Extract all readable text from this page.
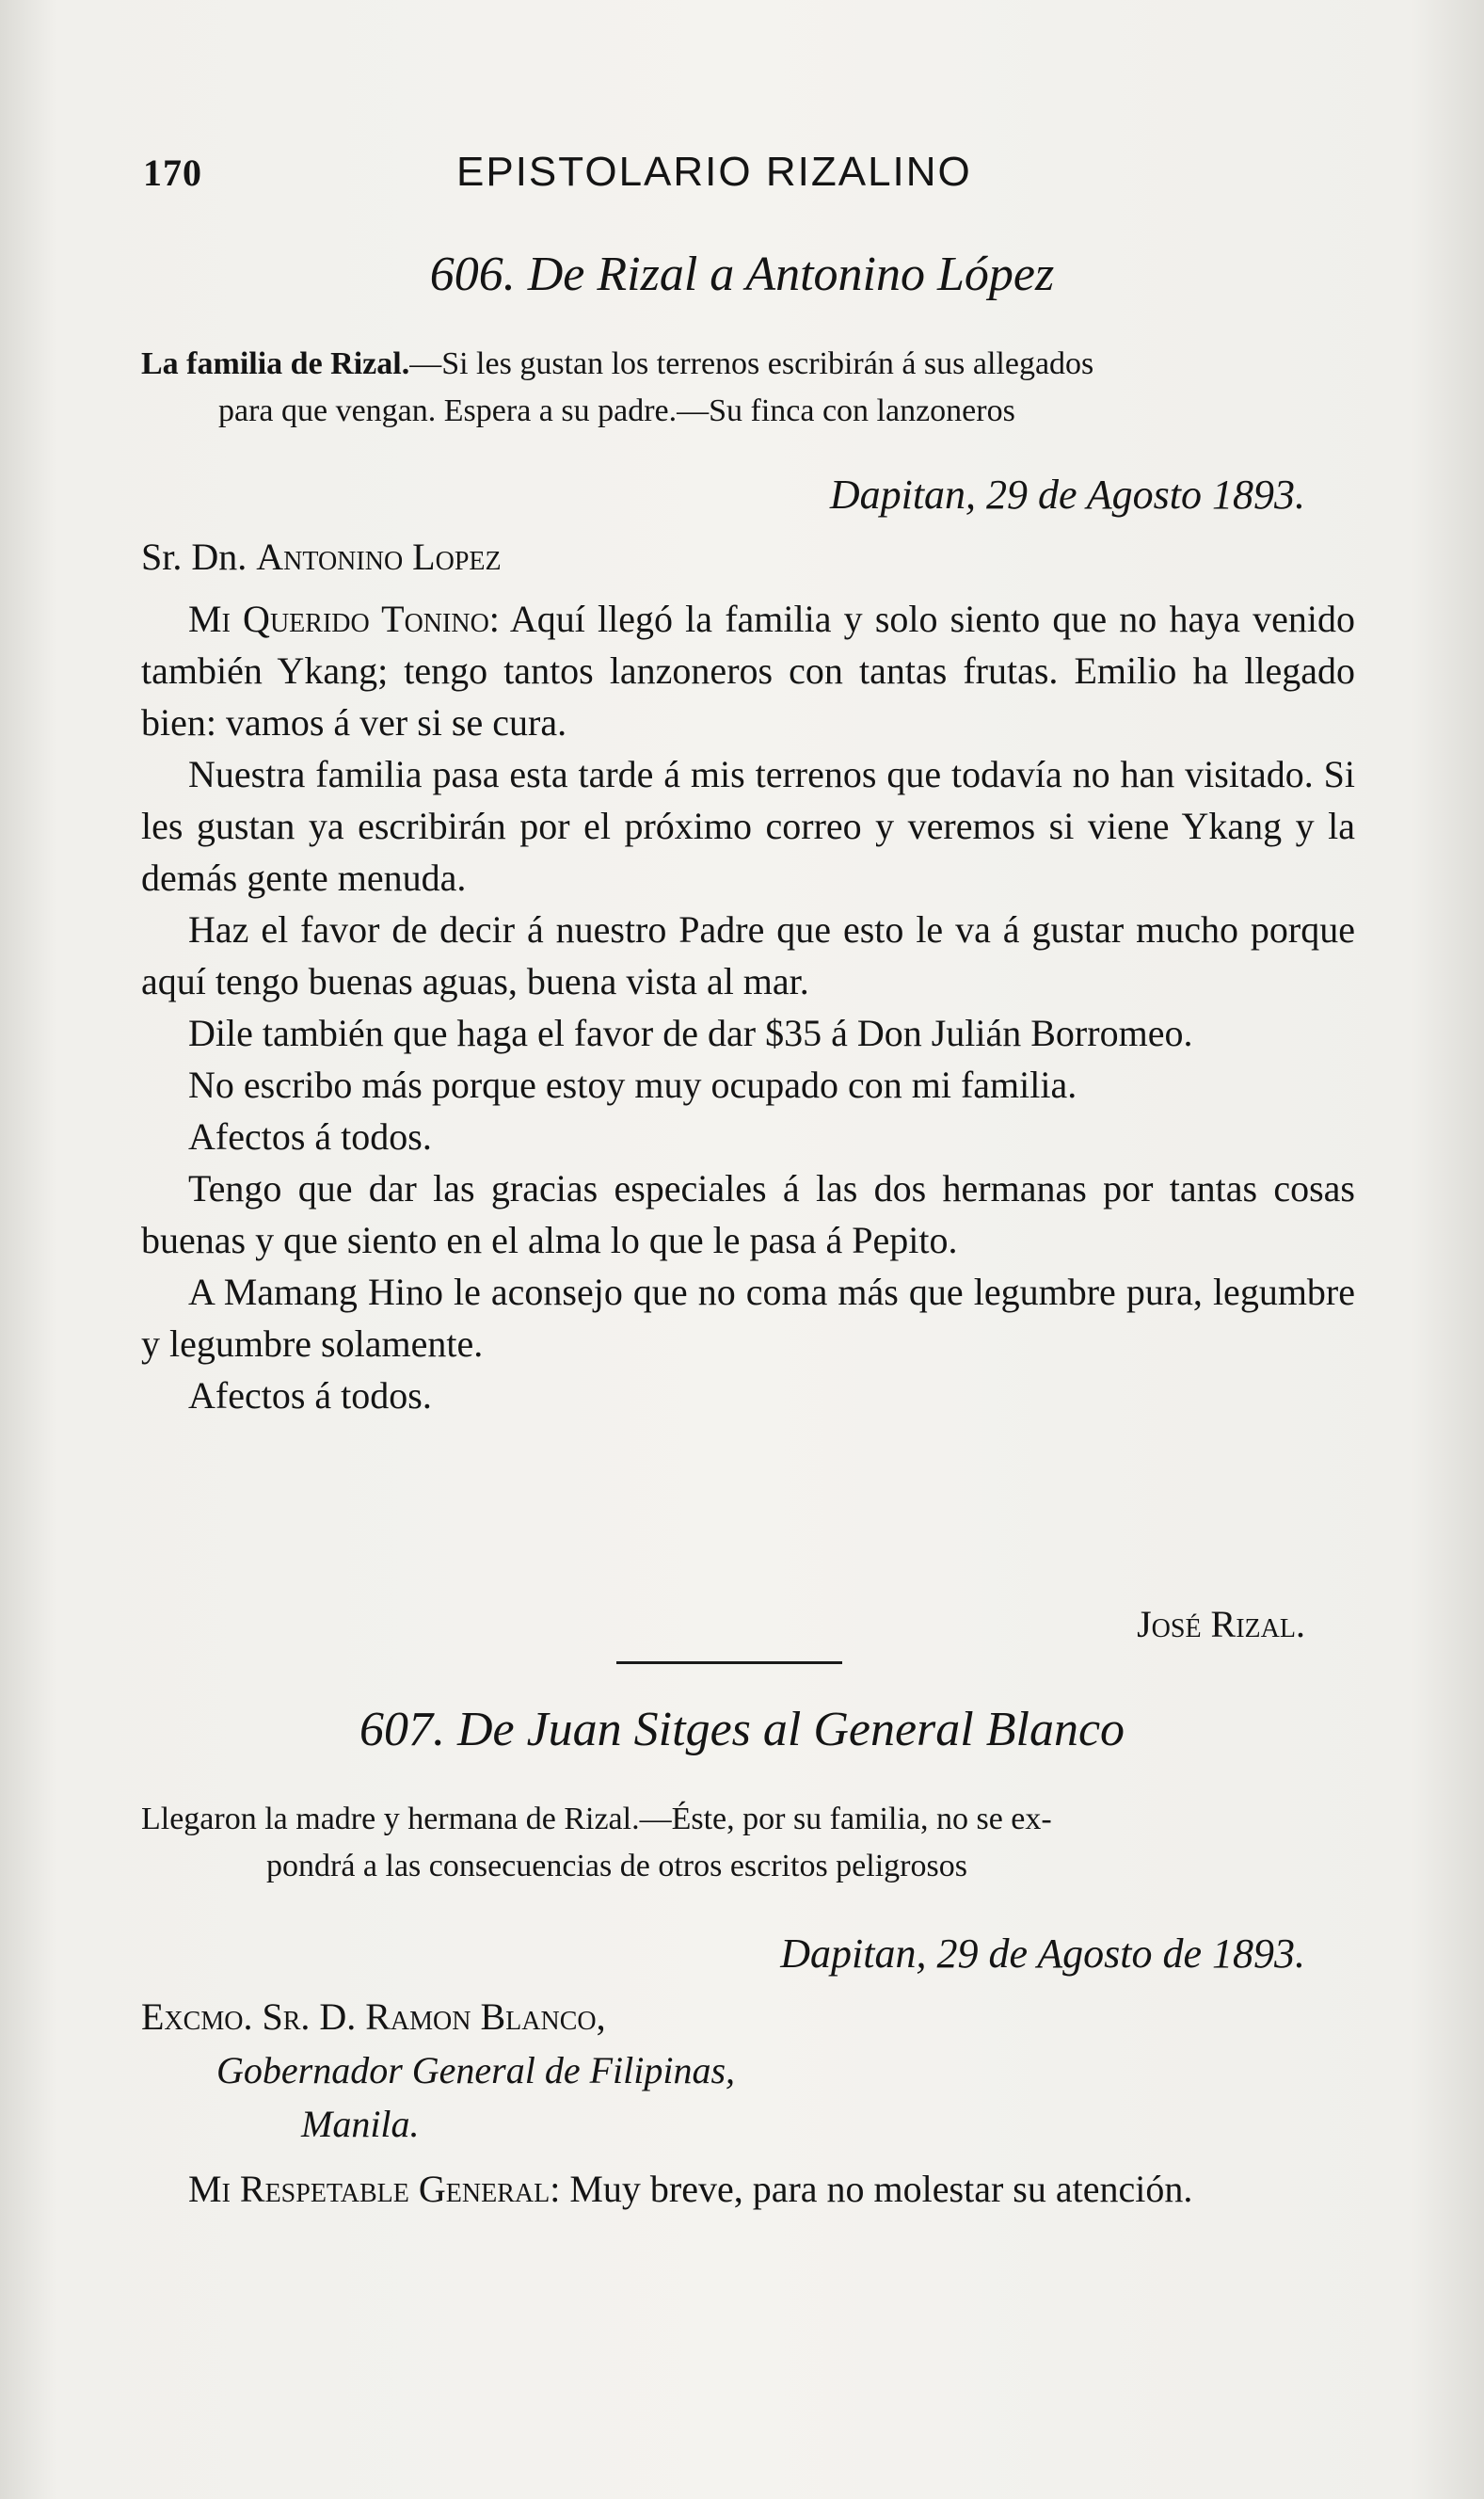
170	EPISTOLARIO RIZALINO
606. De Rizal a Antonino López
La familia de Rizal.—Si les gustan los terrenos escribirán á sus allegados
para que vengan. Espera a su padre.—Su finca con lanzoneros
Dapitan, 29 de Agosto 1893.
Sr. Dn. Antonino Lopez

Mi Querido Tonino: Aquí llegó la familia y solo siento que no haya venido también Ykang; tengo tantos lanzoneros con tantas frutas. Emilio ha llegado bien: vamos á ver si se cura.

Nuestra familia pasa esta tarde á mis terrenos que todavía no han visitado. Si les gustan ya escribirán por el próximo correo y veremos si viene Ykang y la demás gente menuda.

Haz el favor de decir á nuestro Padre que esto le va á gustar mucho porque aquí tengo buenas aguas, buena vista al mar.

Dile también que haga el favor de dar $35 á Don Julián Borromeo.

No escribo más porque estoy muy ocupado con mi familia.

Afectos á todos.

Tengo que dar las gracias especiales á las dos hermanas por tantas cosas buenas y que siento en el alma lo que le pasa á Pepito.

A Mamang Hino le aconsejo que no coma más que legumbre pura, legumbre y legumbre solamente.

Afectos á todos.

José Rizal.
607. De Juan Sitges al General Blanco
Llegaron la madre y hermana de Rizal.—Éste, por su familia, no se ex-
pondrá a las consecuencias de otros escritos peligrosos
Dapitan, 29 de Agosto de 1893.
Excmo. Sr. D. Ramon Blanco,
Gobernador General de Filipinas,
Manila.

Mi Respetable General: Muy breve, para no molestar su atención.
